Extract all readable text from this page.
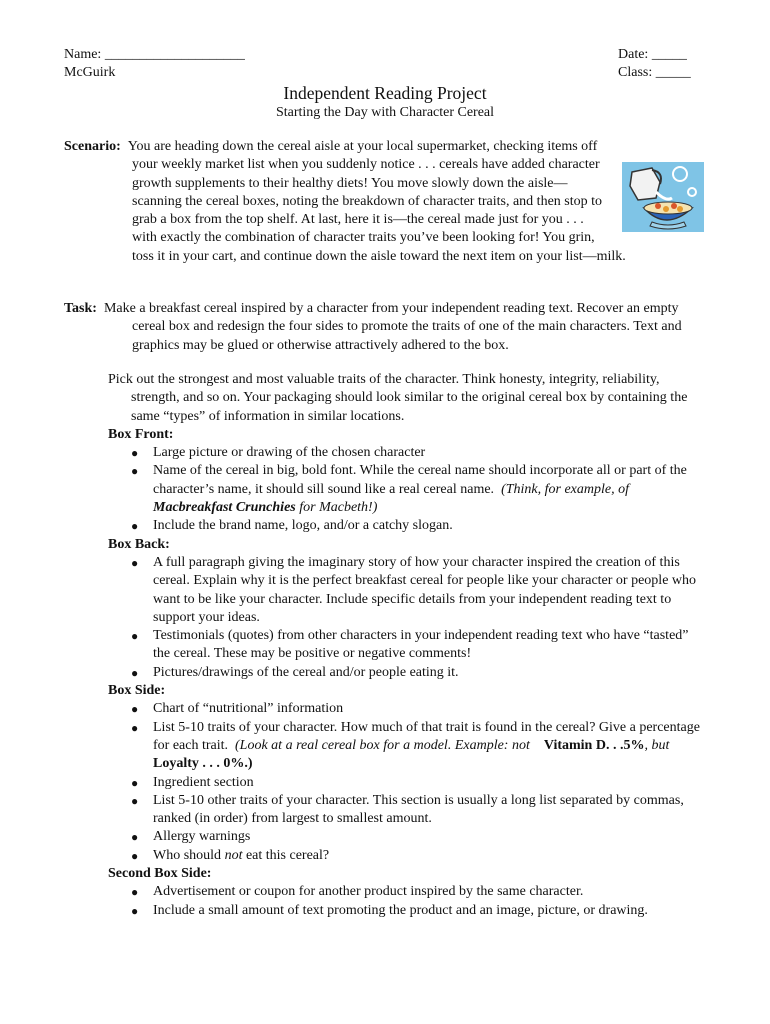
Name: ____________________
McGuirk
Date: _____
Class: _____
Independent Reading Project
Starting the Day with Character Cereal

Scenario: You are heading down the cereal aisle at your local supermarket, checking items off your weekly market list when you suddenly notice . . . cereals have added character growth supplements to their healthy diets! You move slowly down the aisle—scanning the cereal boxes, noting the breakdown of character traits, and then stop to grab a box from the top shelf. At last, here it is—the cereal made just for you . . . with exactly the combination of character traits you’ve been looking for! You grin, toss it in your cart, and continue down the aisle toward the next item on your list—milk.

Task: Make a breakfast cereal inspired by a character from your independent reading text. Recover an empty cereal box and redesign the four sides to promote the traits of one of the main characters. Text and graphics may be glued or otherwise attractively adhered to the box.

Pick out the strongest and most valuable traits of the character. Think honesty, integrity, reliability, strength, and so on. Your packaging should look similar to the original cereal box by containing the same “types” of information in similar locations.

Box Front:
● Large picture or drawing of the chosen character
● Name of the cereal in big, bold font. While the cereal name should incorporate all or part of the character’s name, it should sill sound like a real cereal name. (Think, for example, of Macbreakfast Crunchies for Macbeth!)
● Include the brand name, logo, and/or a catchy slogan.
Box Back:
● A full paragraph giving the imaginary story of how your character inspired the creation of this cereal. Explain why it is the perfect breakfast cereal for people like your character or people who want to be like your character. Include specific details from your independent reading text to support your ideas.
● Testimonials (quotes) from other characters in your independent reading text who have “tasted” the cereal. These may be positive or negative comments!
● Pictures/drawings of the cereal and/or people eating it.
Box Side:
● Chart of “nutritional” information
● List 5-10 traits of your character. How much of that trait is found in the cereal? Give a percentage for each trait. (Look at a real cereal box for a model. Example: not Vitamin D. . .5%, but    Loyalty . . . 0%.)
● Ingredient section
● List 5-10 other traits of your character. This section is usually a long list separated by commas, ranked (in order) from largest to smallest amount.
● Allergy warnings
● Who should not eat this cereal?
Second Box Side:
● Advertisement or coupon for another product inspired by the same character.
● Include a small amount of text promoting the product and an image, picture, or drawing.
